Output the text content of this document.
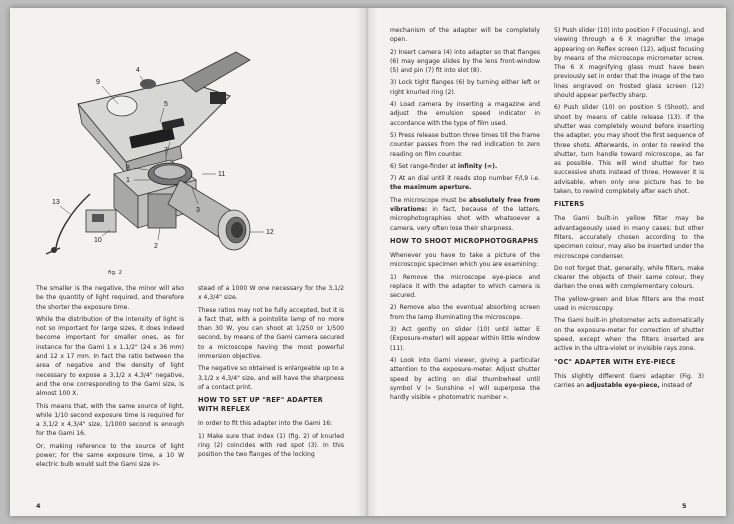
9
4
5
6
7
8
1
11
3
12
13
10
2
fig. 2

The smaller is the negative, the minor will also be the quantity of light required, and therefore the shorter the exposure time.

While the distribution of the intensity of light is not so important for large sizes, it does indeed become important for smaller ones, as for instance for the Gami 1 x 1,1/2" (24 x 36 mm) and 12 x 17 mm. In fact the ratio between the area of negative and the density of light necessary to expose a 3,1/2 x 4,3/4" negative, and the one corresponding to the Gami size, is almost 100 X.

This means that, with the same source of light, while 1/10 second exposure time is required for a 3,1/2 x 4,3/4" size, 1/1000 second is enough for the Gami 16.

Or, making reference to the source of light power; for the same exposure time, a 10 W electric bulb would suit the Gami size in-

stead of a 1000 W one necessary for the 3,1/2 x 4,3/4" size.

These ratios may not be fully accepted, but it is a fact that, with a pointolite lamp of no more than 30 W, you can shoot at 1/250 or 1/500 second, by means of the Gami camera secured to a microscope having the most powerful immersion objective.

The negative so obtained is enlargeable up to a 3,1/2 x 4,3/4" size, and will have the sharpness of a contact print.

HOW TO SET UP "REF" ADAPTER WITH REFLEX

In order to fit this adapter into the Gami 16:

1) Make sure that index (1) (fig. 2) of knurled ring (2) coincides with red spot (3). In this position the two flanges of the locking

4

mechanism of the adapter will be completely open.

2) Insert camera (4) into adapter so that flanges (6) may engage slides by the lens front-window (5) and pin (7) fit into slot (8).

3) Lock tight flanges (6) by turning either left or right knurled ring (2).

4) Load camera by inserting a magazine and adjust the emulsion speed indicator in accordance with the type of film used.

5) Press release button three times till the frame counter passes from the red indication to zero reading on film counter.

6) Set range-finder at infinity (∞).

7) At an dial until it reads stop number F/l,9 i.e. the maximum aperture.

The microscope must be absolutely free from vibrations: in fact, because of the latters, microphotographies shot with whatsoever a camera, very often lose their sharpness.

HOW TO SHOOT MICROPHOTOGRAPHS

Whenever you have to take a picture of the microscopic specimen which you are examining:

1) Remove the microscope eye-piece and replace it with the adapter to which camera is secured.

2) Remove also the eventual absorbing screen from the lamp illuminating the microscope.

3) Act gently on slider (10) until letter E (Exposure-meter) will appear within little window (11).

4) Look into Gami viewer, giving a particular attention to the exposure-meter. Adjust shutter speed by acting on dial thumbwheel until symbol V (« Sunshine ») will superpose the hardly visible « photometric number ».

5) Push slider (10) into position F (Focusing), and viewing through a 6 X magnifier the image appearing on Reflex screen (12), adjust focusing by means of the microscope micrometer screw. The 6 X magnifying glass must have been previously set in order that the image of the two lines engraved on frosted glass screen (12) should appear perfectly sharp.

6) Push slider (10) on position S (Shoot), and shoot by means of cable release (13). If the shutter was completely wound before inserting the adapter, you may shoot the first sequence of three shots. Afterwards, in order to rewind the shutter, turn handle toward microscope, as far as possible. This will wind shutter for two successive shots instead of three. However it is advisable, when only one picture has to be taken, to rewind completely after each shot.

FILTERS

The Gami built-in yellow filter may be advantageously used in many cases; but other filters, accurately chosen according to the specimen colour, may also be inserted under the microscope condenser.

Do not forget that, generally, while filters, make clearer the objects of their same colour, they darken the ones with complementary colours.

The yellow-green and blue filters are the most used in microscopy.

The Gami built-in photometer acts automatically on the exposure-meter for correction of shutter speed, except when the filters inserted are active in the ultra-violet or invisible rays zone.

"OC" ADAPTER WITH EYE-PIECE

This slightly different Gami adapter (Fig. 3) carries an adjustable eye-piece, instead of

5
